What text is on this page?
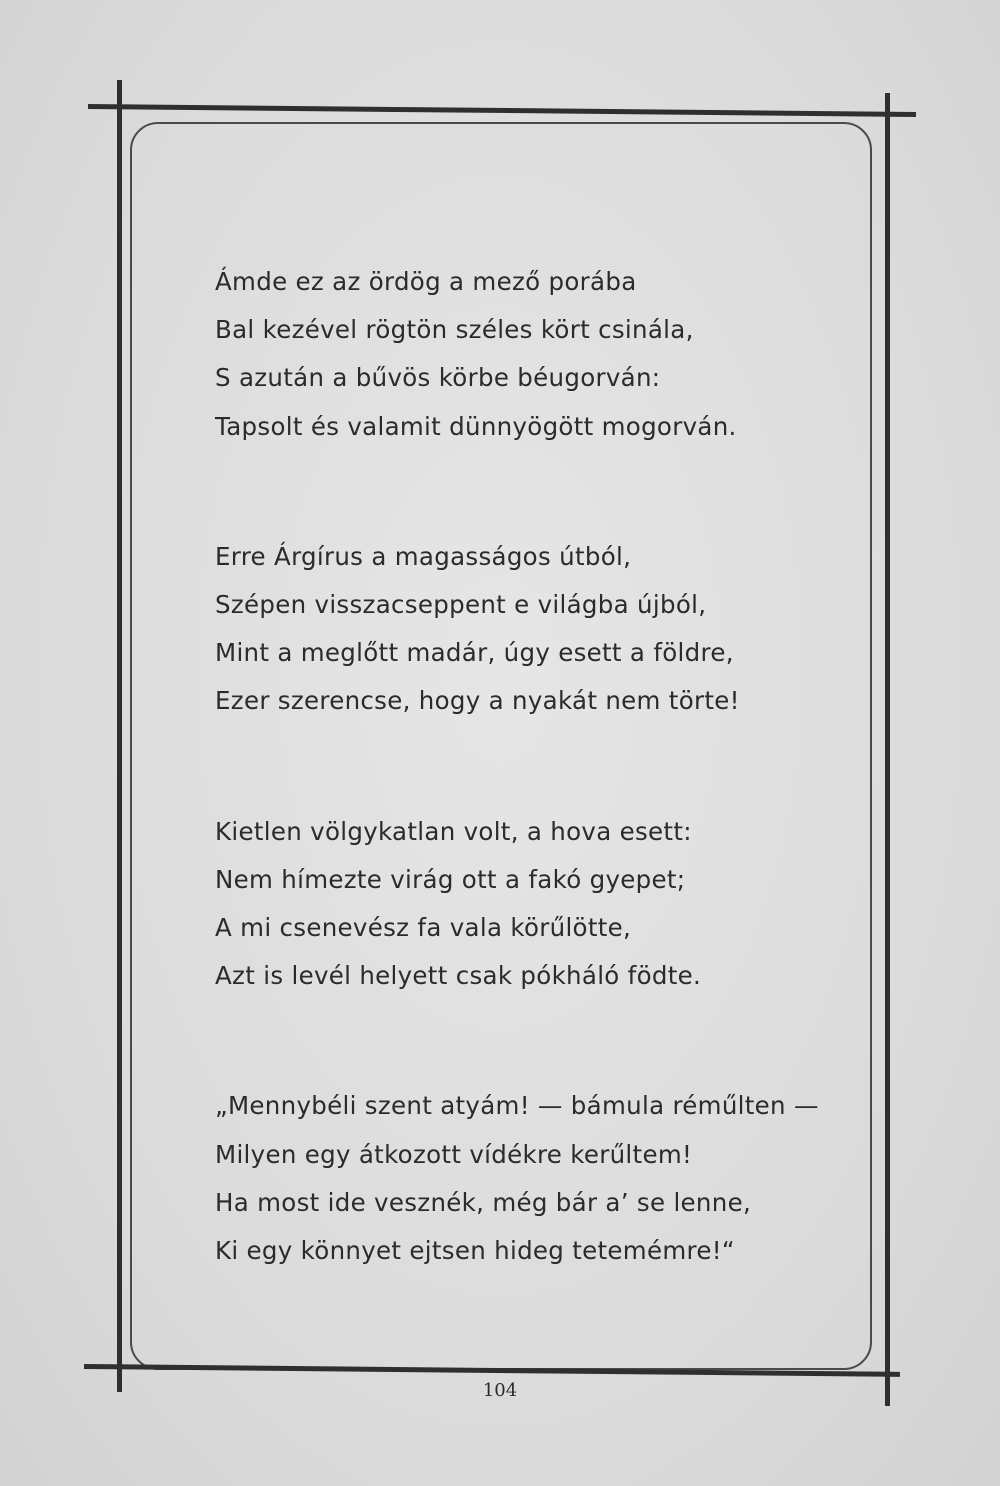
Ámde ez az ördög a mező porába
Bal kezével rögtön széles kört csinála,
S azután a bűvös körbe béugorván:
Tapsolt és valamit dünnyögött mogorván.
Erre Árgírus a magasságos útból,
Szépen visszacseppent e világba újból,
Mint a meglőtt madár, úgy esett a földre,
Ezer szerencse, hogy a nyakát nem törte!
Kietlen völgykatlan volt, a hova esett:
Nem hímezte virág ott a fakó gyepet;
A mi csenevész fa vala körűlötte,
Azt is levél helyett csak pókháló födte.
„Mennybéli szent atyám! — bámula réműlten —
Milyen egy átkozott vídékre kerűltem!
Ha most ide vesznék, még bár a’ se lenne,
Ki egy könnyet ejtsen hideg tetemémre!“
104
